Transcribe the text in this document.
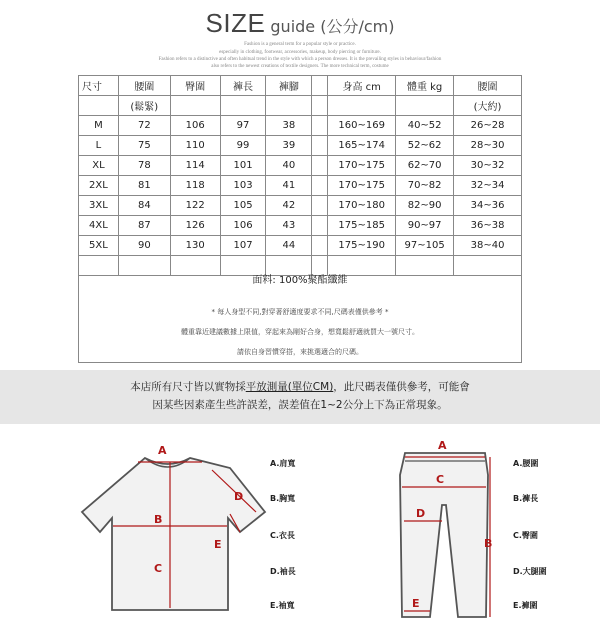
SIZE guide (公分/cm)
Fashion is a general term for a popular style or practice.
especially in clothing, footwear, accessories, makeup, body piercing or furniture.
Fashion refers to a distinctive and often habitual trend in the style with which a person dresses. It is the prevailing styles in behaviour/fashion
also refers to the newest creations of textile designers. The more technical term, costume
尺寸	腰圍	臀圍	褲長	褲腳		身高 cm	體重 kg	腰圍
	(鬆緊)							(大約)
M	72	106	97	38		160~169	40~52	26~28
L	75	110	99	39		165~174	52~62	28~30
XL	78	114	101	40		170~175	62~70	30~32
2XL	81	118	103	41		170~175	70~82	32~34
3XL	84	122	105	42		170~180	82~90	34~36
4XL	87	126	106	43		175~185	90~97	36~38
5XL	90	130	107	44		175~190	97~105	38~40

面料: 100%聚酯纖維
* 每人身型不同,對穿著舒適度要求不同,尺碼表僅供參考 *
體重靠近建議數據上限值，穿起來為剛好合身，想寬鬆舒適就買大一號尺寸。
請依自身習慣穿搭，來挑選適合的尺碼。
本店所有尺寸皆以實物採平放測量(單位CM)，此尺碼表僅供參考，可能會
因某些因素產生些許誤差，誤差值在1~2公分上下為正常現象。
A
B
C
D
E
A.肩寬
B.胸寬
C.衣長
D.袖長
E.袖寬
A
B
C
D
E
A.腰圍
B.褲長
C.臀圍
D.大腿圍
E.褲圍
